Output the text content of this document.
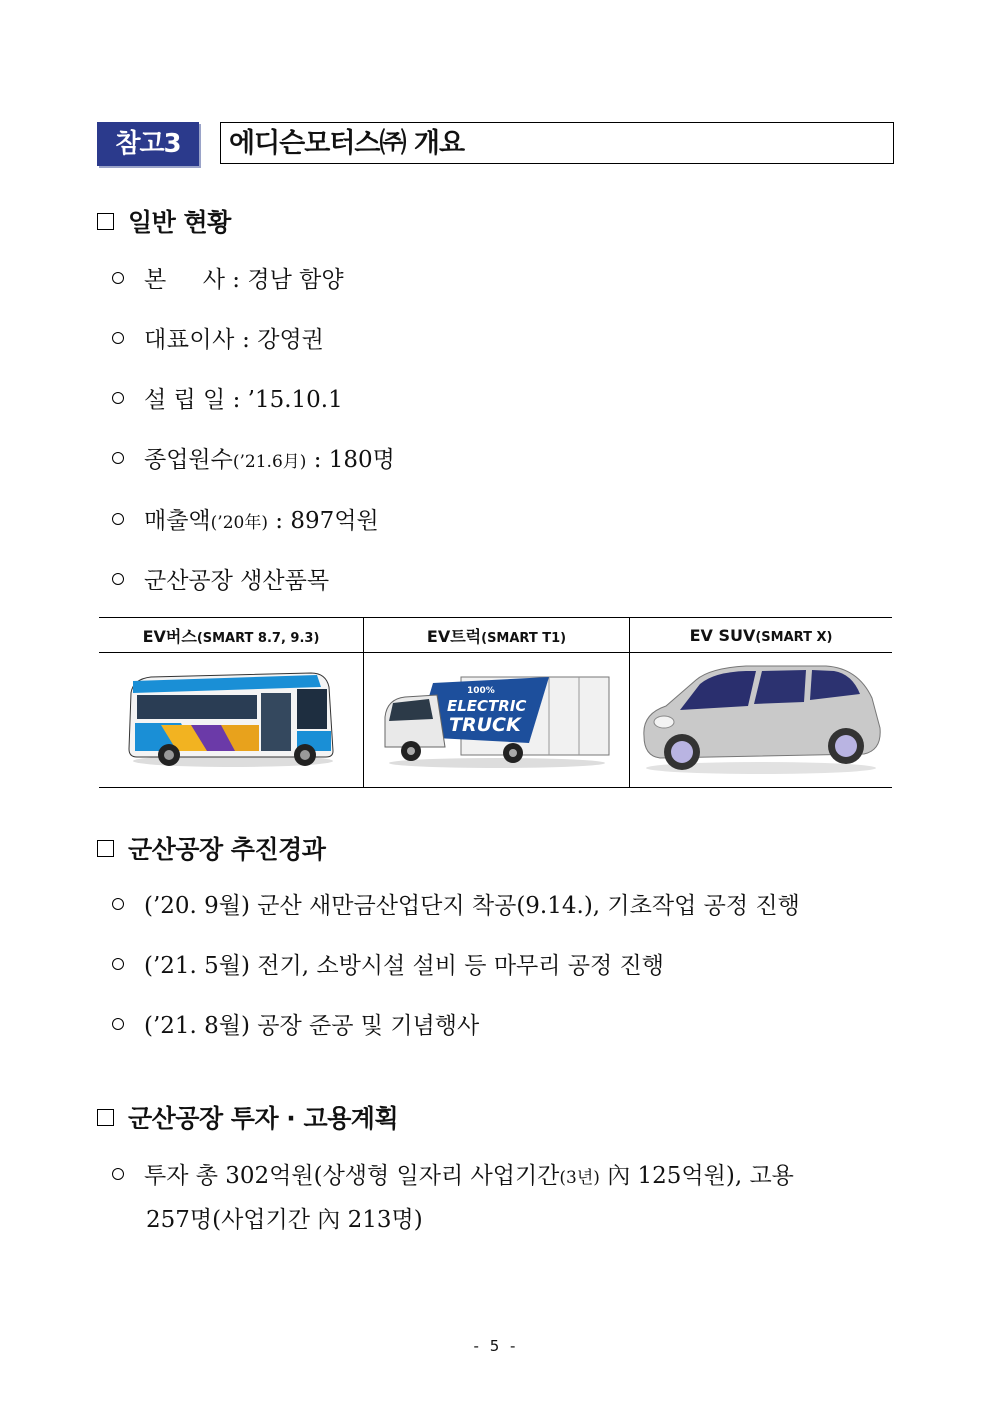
참고3	에디슨모터스㈜ 개요
일반 현황
본     사 : 경남 함양
대표이사 : 강영권
설 립 일 : ’15.10.1
종업원수(’21.6月) : 180명
매출액(’20年) : 897억원
군산공장 생산품목
EV버스(SMART 8.7, 9.3)	EV트럭(SMART T1)	EV SUV(SMART X)

100%
ELECTRIC
TRUCK

군산공장 추진경과
(’20. 9월) 군산 새만금산업단지 착공(9.14.), 기초작업 공정 진행
(’21. 5월) 전기, 소방시설 설비 등 마무리 공정 진행
(’21. 8월) 공장 준공 및 기념행사
군산공장 투자 · 고용계획
투자 총 302억원(상생형 일자리 사업기간(3년) 內 125억원), 고용
257명(사업기간 內 213명)
- 5 -
